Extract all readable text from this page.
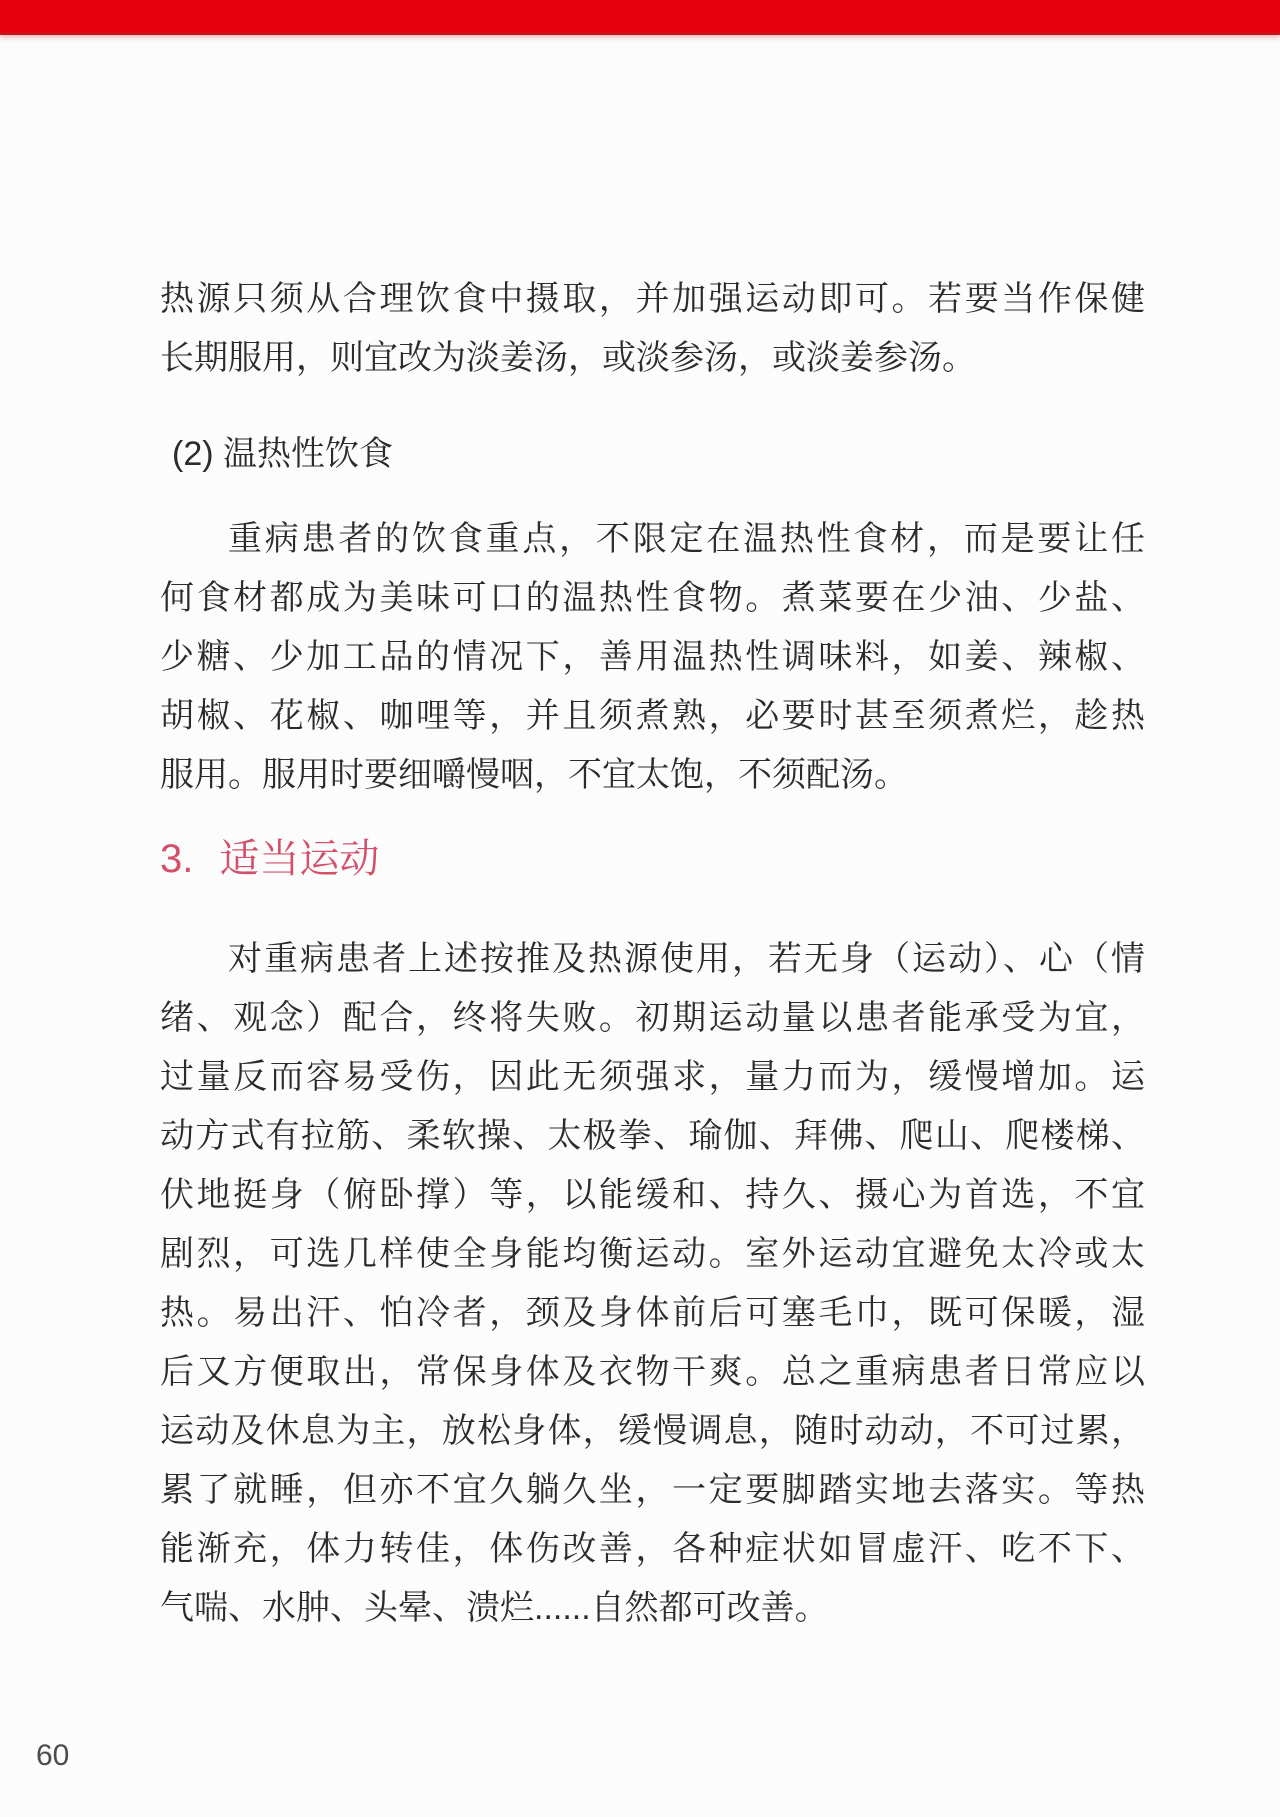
热源只须从合理饮食中摄取，并加强运动即可。若要当作保健
长期服用，则宜改为淡姜汤，或淡参汤，或淡姜参汤。
(2) 温热性饮食
重病患者的饮食重点，不限定在温热性食材，而是要让任
何食材都成为美味可口的温热性食物。煮菜要在少油、少盐、
少糖、少加工品的情况下，善用温热性调味料，如姜、辣椒、
胡椒、花椒、咖哩等，并且须煮熟，必要时甚至须煮烂，趁热
服用。服用时要细嚼慢咽，不宜太饱，不须配汤。
3. 适当运动
对重病患者上述按推及热源使用，若无身（运动）、心（情
绪、观念）配合，终将失败。初期运动量以患者能承受为宜，
过量反而容易受伤，因此无须强求，量力而为，缓慢增加。运
动方式有拉筋、柔软操、太极拳、瑜伽、拜佛、爬山、爬楼梯、
伏地挺身（俯卧撑）等，以能缓和、持久、摄心为首选，不宜
剧烈，可选几样使全身能均衡运动。室外运动宜避免太冷或太
热。易出汗、怕冷者，颈及身体前后可塞毛巾，既可保暖，湿
后又方便取出，常保身体及衣物干爽。总之重病患者日常应以
运动及休息为主，放松身体，缓慢调息，随时动动，不可过累，
累了就睡，但亦不宜久躺久坐，一定要脚踏实地去落实。等热
能渐充，体力转佳，体伤改善，各种症状如冒虚汗、吃不下、
气喘、水肿、头晕、溃烂......自然都可改善。
60
